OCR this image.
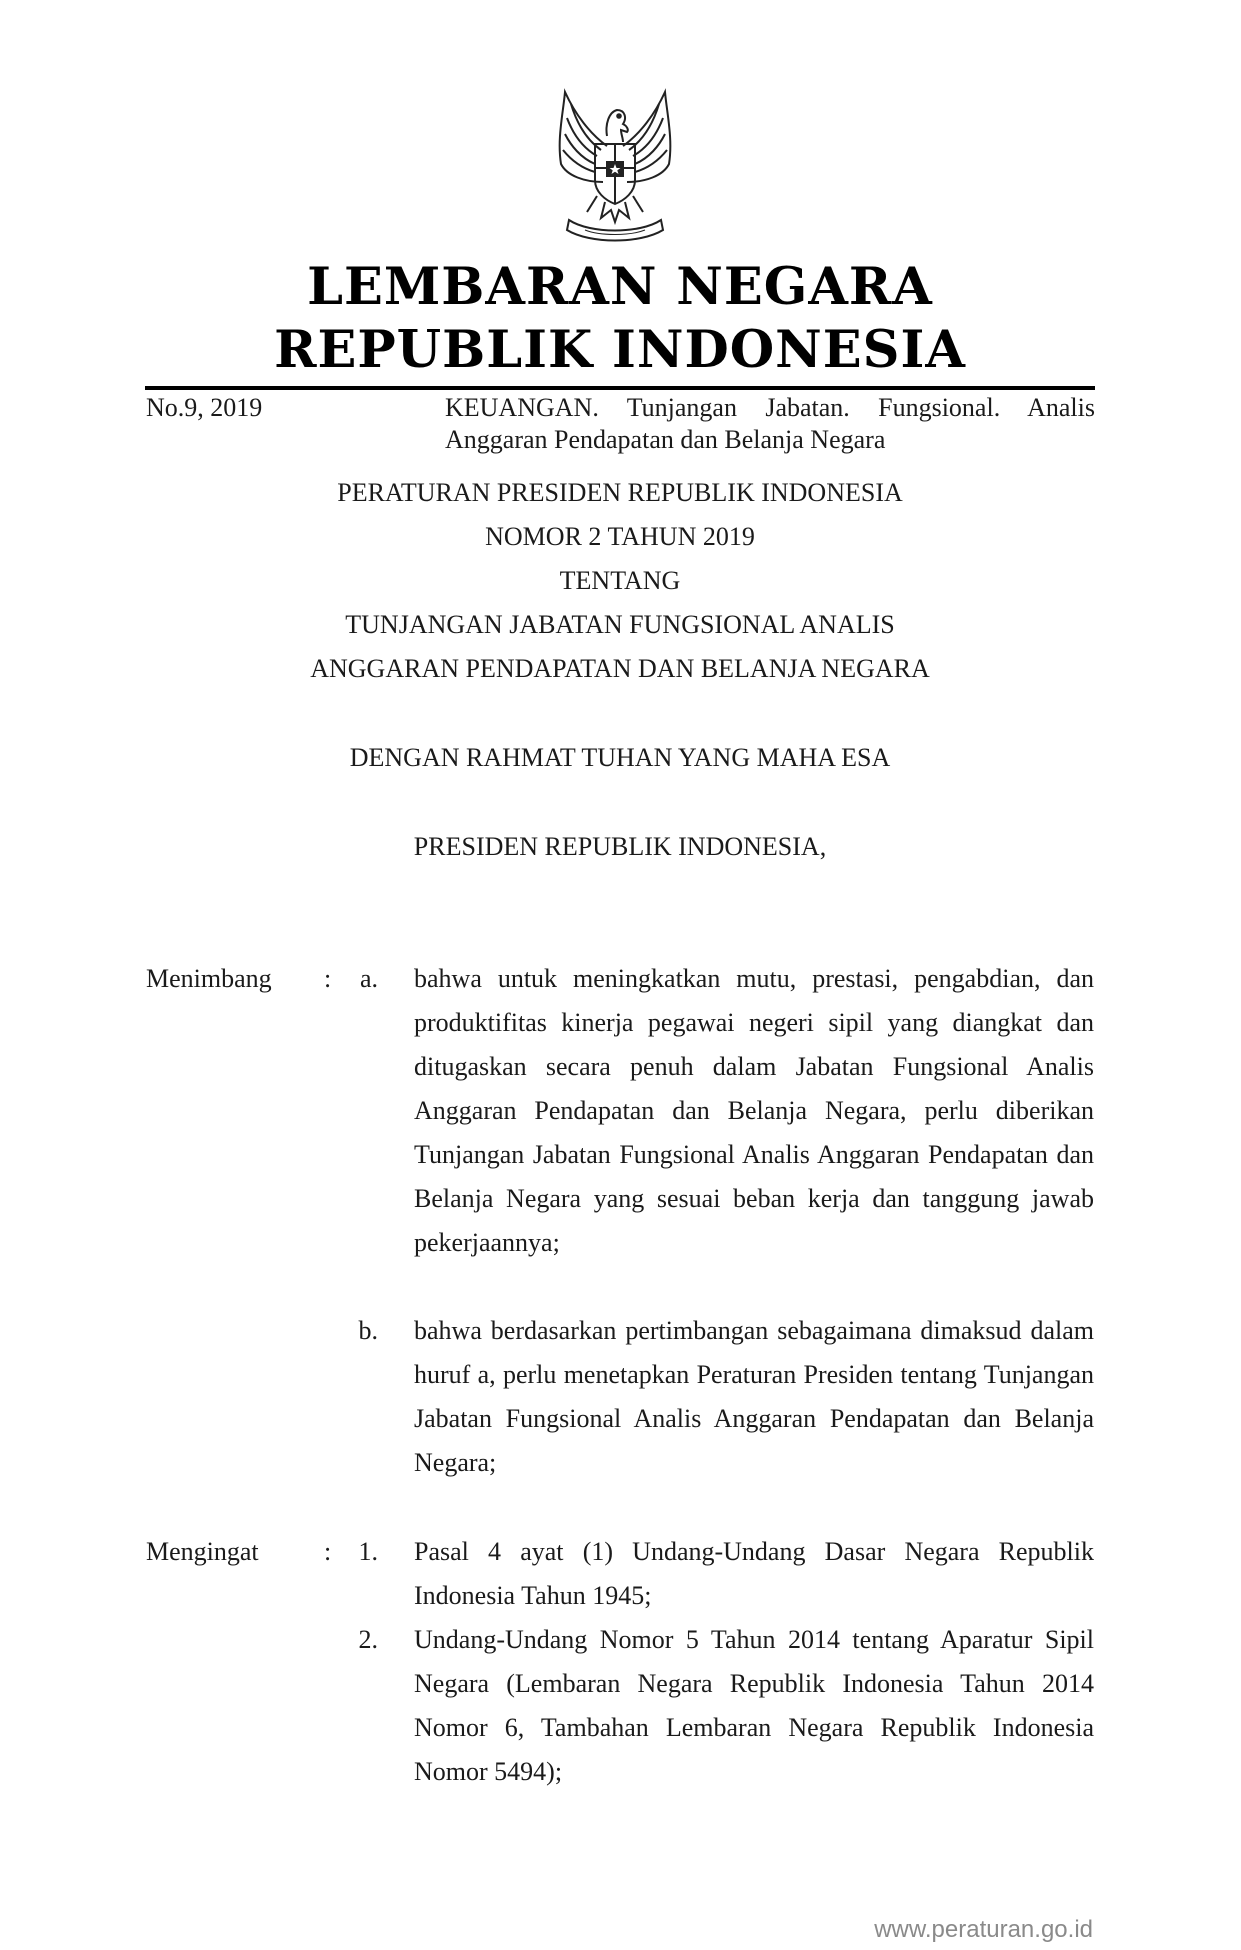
LEMBARAN NEGARA
REPUBLIK INDONESIA
No.9, 2019	KEUANGAN. Tunjangan Jabatan. Fungsional. Analis Anggaran Pendapatan dan Belanja Negara
PERATURAN PRESIDEN REPUBLIK INDONESIA
NOMOR 2 TAHUN 2019
TENTANG
TUNJANGAN JABATAN FUNGSIONAL ANALIS
ANGGARAN PENDAPATAN DAN BELANJA NEGARA
DENGAN RAHMAT TUHAN YANG MAHA ESA
PRESIDEN REPUBLIK INDONESIA,
Menimbang :	a. bahwa untuk meningkatkan mutu, prestasi, pengabdian, dan produktifitas kinerja pegawai negeri sipil yang diangkat dan ditugaskan secara penuh dalam Jabatan Fungsional Analis Anggaran Pendapatan dan Belanja Negara, perlu diberikan Tunjangan Jabatan Fungsional Analis Anggaran Pendapatan dan Belanja Negara yang sesuai beban kerja dan tanggung jawab pekerjaannya;

b. bahwa berdasarkan pertimbangan sebagaimana dimaksud dalam huruf a, perlu menetapkan Peraturan Presiden tentang Tunjangan Jabatan Fungsional Analis Anggaran Pendapatan dan Belanja Negara;

Mengingat	: 1. Pasal 4 ayat (1) Undang-Undang Dasar Negara Republik Indonesia Tahun 1945;

2. Undang-Undang Nomor 5 Tahun 2014 tentang Aparatur Sipil Negara (Lembaran Negara Republik Indonesia Tahun 2014 Nomor 6, Tambahan Lembaran Negara Republik Indonesia Nomor 5494);

www.peraturan.go.id
